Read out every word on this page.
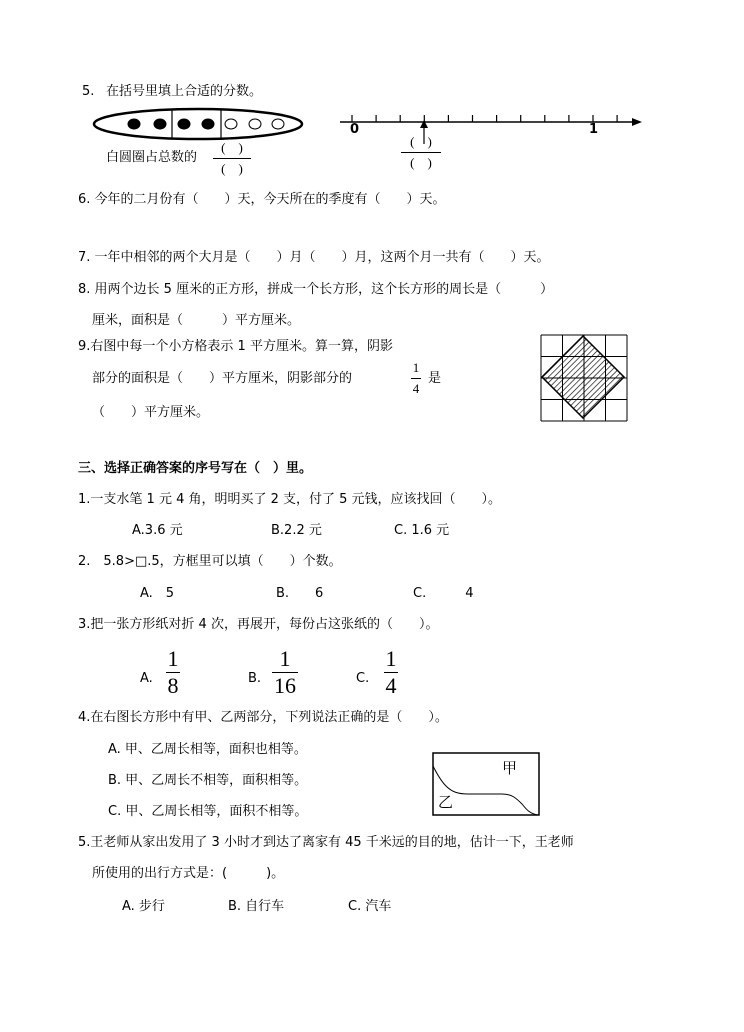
5. 在括号里填上合适的分数。
白圆圈占总数的
(　)
(　)
0	1
(　)
(　)
6. 今年的二月份有（　　）天，今天所在的季度有（　　）天。
7. 一年中相邻的两个大月是（　　）月（　　）月，这两个月一共有（　　）天。
8. 用两个边长 5 厘米的正方形，拼成一个长方形，这个长方形的周长是（　　　）
厘米，面积是（　　　）平方厘米。
9.右图中每一个小方格表示 1 平方厘米。算一算，阴影
部分的面积是（　　）平方厘米，阴影部分的
1
4
是
（　　）平方厘米。
三、选择正确答案的序号写在（　）里。
1.一支水笔 1 元 4 角，明明买了 2 支，付了 5 元钱，应该找回（　　）。
A.3.6 元	B.2.2 元	C. 1.6 元
2.　5.8>□.5，方框里可以填（　　）个数。
A.　5	B.　　6	C.　　　4
3.把一张方形纸对折 4 次，再展开，每份占这张纸的（　　）。
A.
1
8	B.
1
16	C.
1
4
4.在右图长方形中有甲、乙两部分，下列说法正确的是（　　）。
A. 甲、乙周长相等，面积也相等。
B. 甲、乙周长不相等，面积相等。
C. 甲、乙周长相等，面积不相等。
甲
乙
5.王老师从家出发用了 3 小时才到达了离家有 45 千米远的目的地，估计一下，王老师
所使用的出行方式是：(　　　)。
A. 步行	B. 自行车	C. 汽车
